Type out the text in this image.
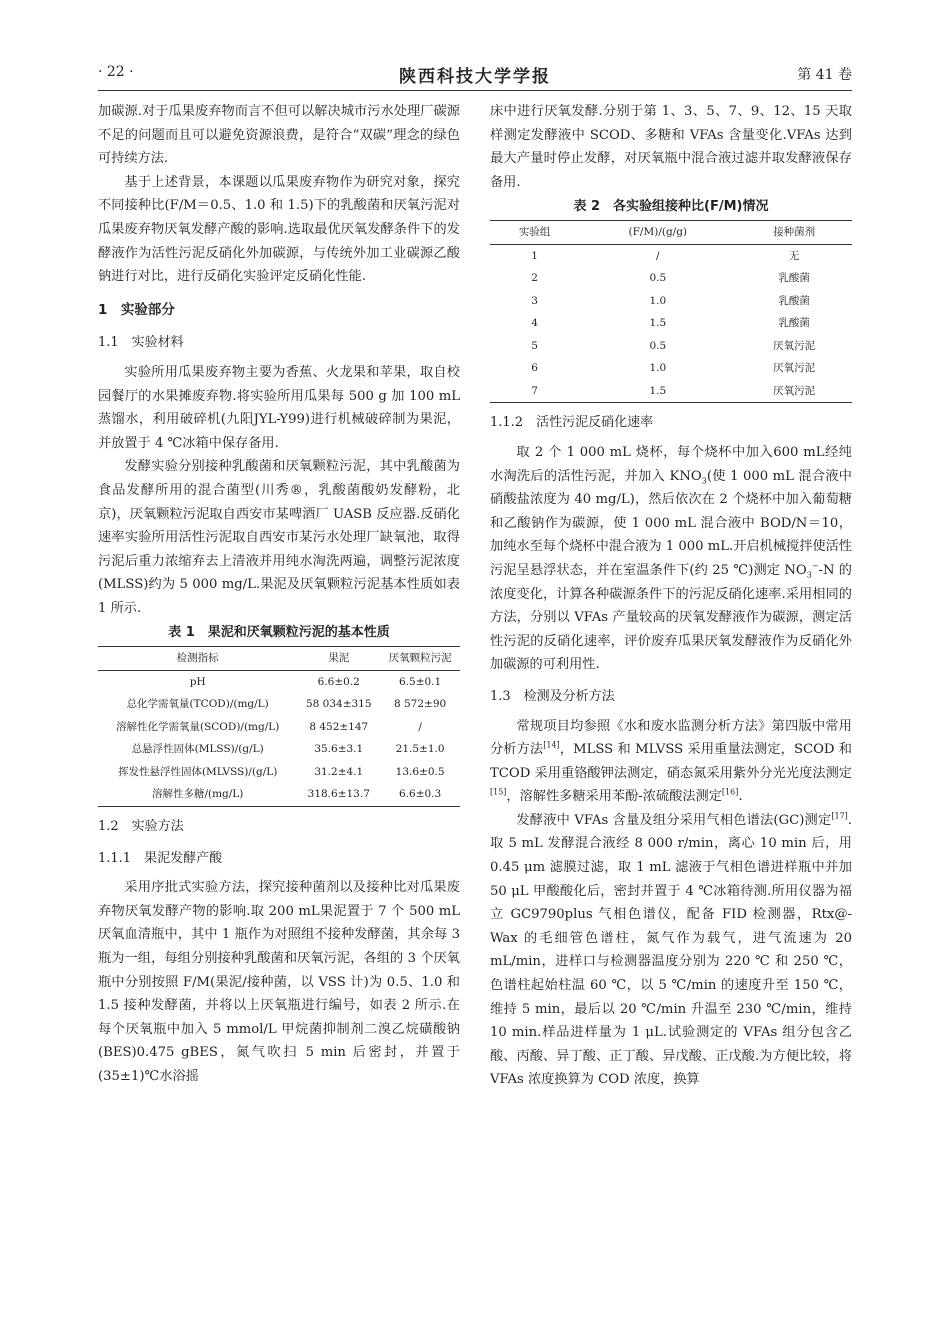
· 22 ·	陕西科技大学学报	第 41 卷

加碳源.对于瓜果废弃物而言不但可以解决城市污水处理厂碳源不足的问题而且可以避免资源浪费，是符合“双碳”理念的绿色可持续方法.

基于上述背景，本课题以瓜果废弃物作为研究对象，探究不同接种比(F/M＝0.5、1.0 和 1.5)下的乳酸菌和厌氧污泥对瓜果废弃物厌氧发酵产酸的影响.选取最优厌氧发酵条件下的发酵液作为活性污泥反硝化外加碳源，与传统外加工业碳源乙酸钠进行对比，进行反硝化实验评定反硝化性能.

1　实验部分
1.1　实验材料

实验所用瓜果废弃物主要为香蕉、火龙果和苹果，取自校园餐厅的水果摊废弃物.将实验所用瓜果每 500 g 加 100 mL 蒸馏水，利用破碎机(九阳JYL-Y99)进行机械破碎制为果泥，并放置于 4 ℃冰箱中保存备用.

发酵实验分别接种乳酸菌和厌氧颗粒污泥，其中乳酸菌为食品发酵所用的混合菌型(川秀®，乳酸菌酸奶发酵粉，北京)，厌氧颗粒污泥取自西安市某啤酒厂 UASB 反应器.反硝化速率实验所用活性污泥取自西安市某污水处理厂缺氧池，取得污泥后重力浓缩弃去上清液并用纯水淘洗两遍，调整污泥浓度(MLSS)约为 5 000 mg/L.果泥及厌氧颗粒污泥基本性质如表 1 所示.

表 1　果泥和厌氧颗粒污泥的基本性质
检测指标	果泥	厌氧颗粒污泥
pH	6.6±0.2	6.5±0.1
总化学需氧量(TCOD)/(mg/L)	58 034±315	8 572±90
溶解性化学需氧量(SCOD)/(mg/L)	8 452±147	/
总悬浮性固体(MLSS)/(g/L)	35.6±3.1	21.5±1.0
挥发性悬浮性固体(MLVSS)/(g/L)	31.2±4.1	13.6±0.5
溶解性多糖/(mg/L)	318.6±13.7	6.6±0.3
1.2　实验方法
1.1.1　果泥发酵产酸

采用序批式实验方法，探究接种菌剂以及接种比对瓜果废弃物厌氧发酵产物的影响.取 200 mL果泥置于 7 个 500 mL 厌氧血清瓶中，其中 1 瓶作为对照组不接种发酵菌，其余每 3 瓶为一组，每组分别接种乳酸菌和厌氧污泥，各组的 3 个厌氧瓶中分别按照 F/M(果泥/接种菌，以 VSS 计)为 0.5、1.0 和 1.5 接种发酵菌，并将以上厌氧瓶进行编号，如表 2 所示.在每个厌氧瓶中加入 5 mmol/L 甲烷菌抑制剂二溴乙烷磺酸钠(BES)0.475 gBES，氮气吹扫 5 min 后密封，并置于(35±1)℃水浴摇

床中进行厌氧发酵.分别于第 1、3、5、7、9、12、15 天取样测定发酵液中 SCOD、多糖和 VFAs 含量变化.VFAs 达到最大产量时停止发酵，对厌氧瓶中混合液过滤并取发酵液保存备用.

表 2　各实验组接种比(F/M)情况
实验组	(F/M)/(g/g)	接种菌剂
1	/	无
2	0.5	乳酸菌
3	1.0	乳酸菌
4	1.5	乳酸菌
5	0.5	厌氧污泥
6	1.0	厌氧污泥
7	1.5	厌氧污泥
1.1.2　活性污泥反硝化速率

取 2 个 1 000 mL 烧杯，每个烧杯中加入600 mL经纯水淘洗后的活性污泥，并加入 $KNO_3$(使 1 000 mL 混合液中硝酸盐浓度为 40 mg/L)，然后依次在 2 个烧杯中加入葡萄糖和乙酸钠作为碳源，使 1 000 mL 混合液中 BOD/N＝10，加纯水至每个烧杯中混合液为 1 000 mL.开启机械搅拌使活性污泥呈悬浮状态，并在室温条件下(约 25 ℃)测定 $NO_3^--N$ 的浓度变化，计算各种碳源条件下的污泥反硝化速率.采用相同的方法，分别以 VFAs 产量较高的厌氧发酵液作为碳源，测定活性污泥的反硝化速率，评价废弃瓜果厌氧发酵液作为反硝化外加碳源的可利用性.

1.3　检测及分析方法

常规项目均参照《水和废水监测分析方法》第四版中常用分析方法[14]，MLSS 和 MLVSS 采用重量法测定，SCOD 和 TCOD 采用重铬酸钾法测定，硝态氮采用紫外分光光度法测定[15]，溶解性多糖采用苯酚-浓硫酸法测定[16].

发酵液中 VFAs 含量及组分采用气相色谱法(GC)测定[17].取 5 mL 发酵混合液经 8 000 r/min，离心 10 min 后，用 0.45 μm 滤膜过滤，取 1 mL 滤液于气相色谱进样瓶中并加 50 μL 甲酸酸化后，密封并置于 4 ℃冰箱待测.所用仪器为福立 GC9790plus 气相色谱仪，配备 FID 检测器，Rtx@-Wax 的毛细管色谱柱，氮气作为载气，进气流速为 20 mL/min，进样口与检测器温度分别为 220 ℃ 和 250 ℃，色谱柱起始柱温 60 ℃，以 5 ℃/min 的速度升至 150 ℃，维持 5 min，最后以 20 ℃/min 升温至 230 ℃/min，维持10 min.样品进样量为 1 μL.试验测定的 VFAs 组分包含乙酸、丙酸、异丁酸、正丁酸、异戊酸、正戊酸.为方便比较，将 VFAs 浓度换算为 COD 浓度，换算
